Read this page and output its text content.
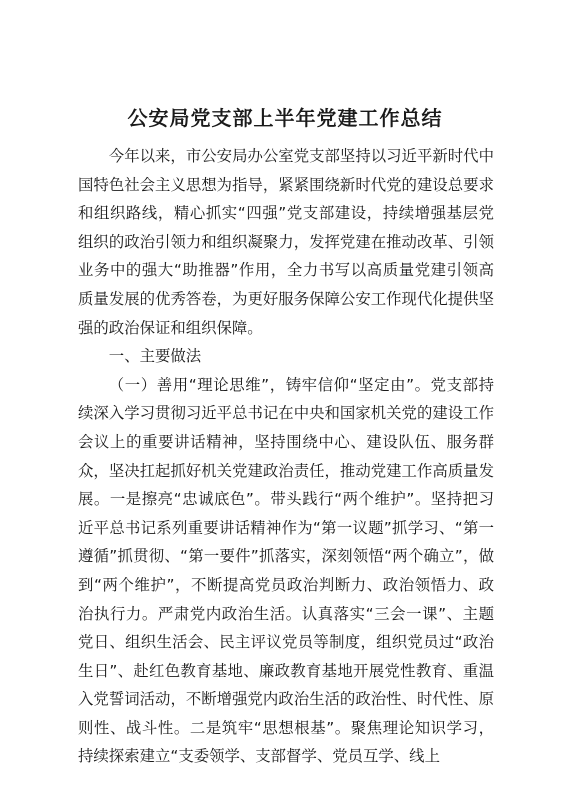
公安局党支部上半年党建工作总结

今年以来，市公安局办公室党支部坚持以习近平新时代中国特色社会主义思想为指导，紧紧围绕新时代党的建设总要求和组织路线，精心抓实“四强”党支部建设，持续增强基层党组织的政治引领力和组织凝聚力，发挥党建在推动改革、引领业务中的强大“助推器”作用，全力书写以高质量党建引领高质量发展的优秀答卷，为更好服务保障公安工作现代化提供坚强的政治保证和组织保障。

一、主要做法

（一）善用“理论思维”，铸牢信仰“坚定由”。党支部持续深入学习贯彻习近平总书记在中央和国家机关党的建设工作会议上的重要讲话精神，坚持围绕中心、建设队伍、服务群众，坚决扛起抓好机关党建政治责任，推动党建工作高质量发展。一是擦亮“忠诚底色”。带头践行“两个维护”。坚持把习近平总书记系列重要讲话精神作为“第一议题”抓学习、“第一遵循”抓贯彻、“第一要件”抓落实，深刻领悟“两个确立”，做到“两个维护”，不断提高党员政治判断力、政治领悟力、政治执行力。严肃党内政治生活。认真落实“三会一课”、主题党日、组织生活会、民主评议党员等制度，组织党员过“政治生日”、赴红色教育基地、廉政教育基地开展党性教育、重温入党誓词活动，不断增强党内政治生活的政治性、时代性、原则性、战斗性。二是筑牢“思想根基”。聚焦理论知识学习，持续探索建立“支委领学、支部督学、党员互学、线上
